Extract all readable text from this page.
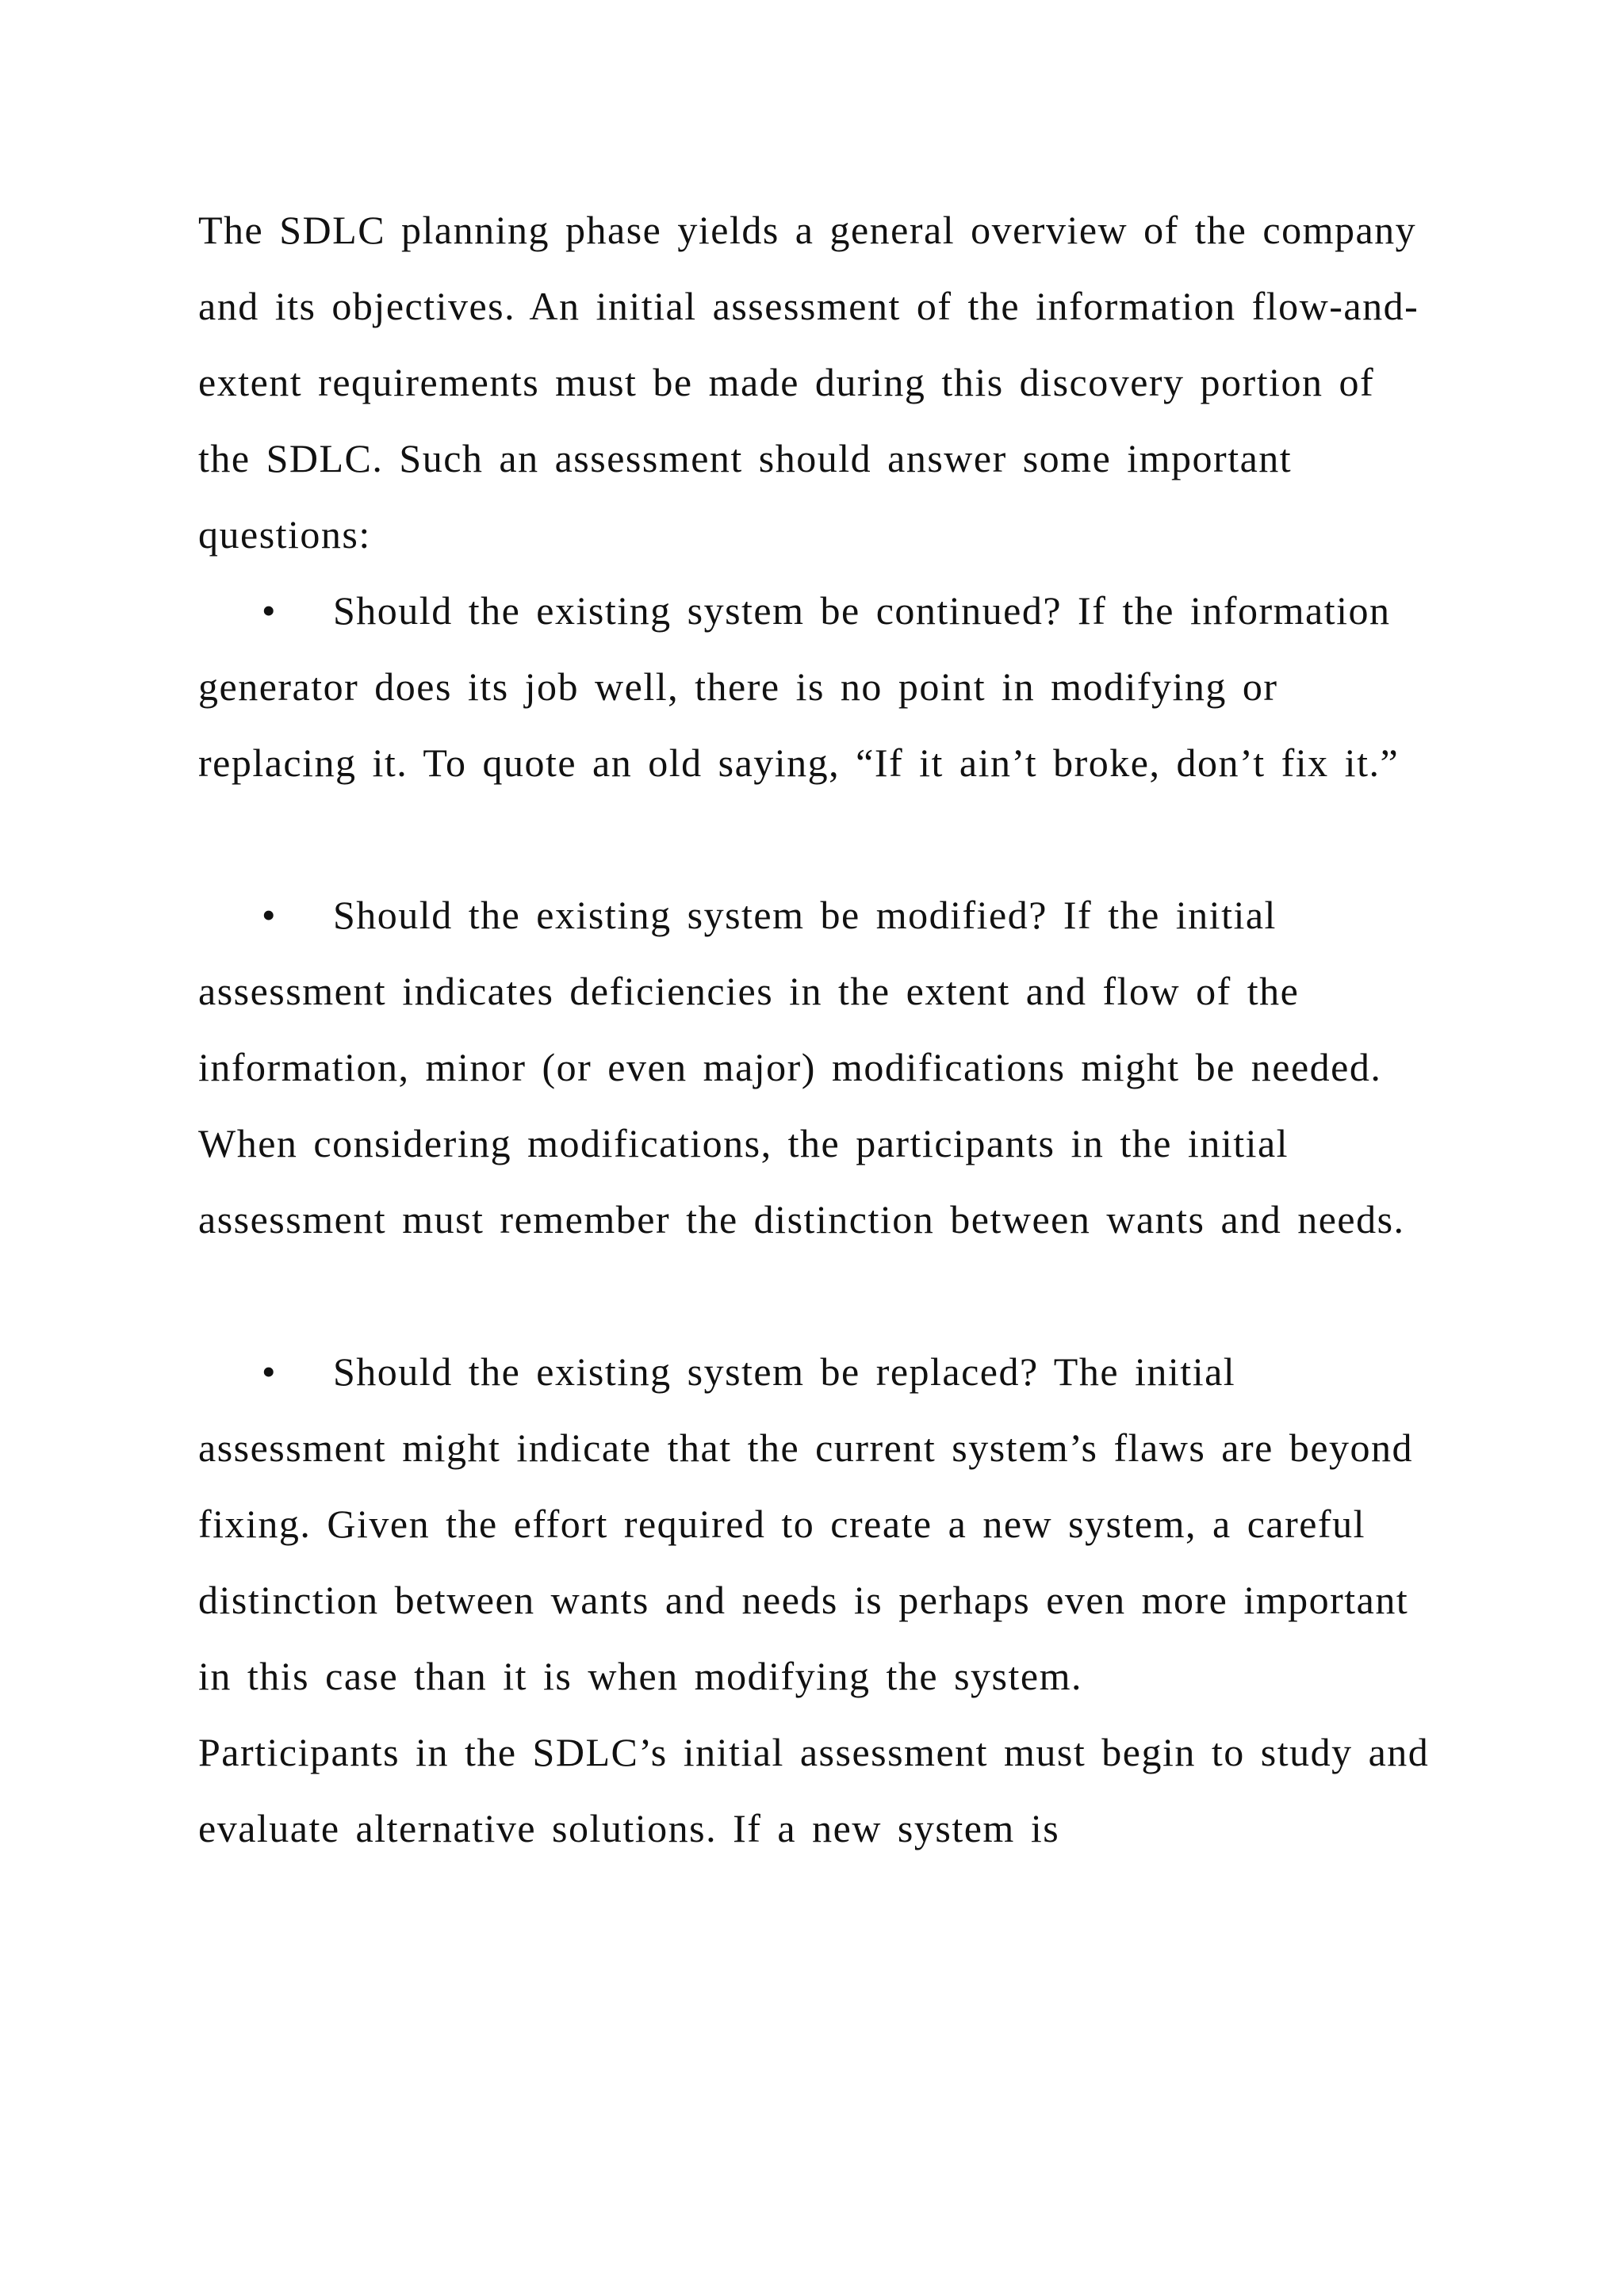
The SDLC planning phase yields a general overview of the company and its objectives. An initial assessment of the information flow-and-extent requirements must be made during this discovery portion of the SDLC. Such an assessment should answer some important questions:

• Should the existing system be continued? If the information generator does its job well, there is no point in modifying or replacing it. To quote an old saying, “If it ain’t broke, don’t fix it.”

• Should the existing system be modified? If the initial assessment indicates deficiencies in the extent and flow of the information, minor (or even major) modifications might be needed. When considering modifications, the participants in the initial assessment must remember the distinction between wants and needs.

• Should the existing system be replaced? The initial assessment might indicate that the current system’s flaws are beyond fixing. Given the effort required to create a new system, a careful distinction between wants and needs is perhaps even more important in this case than it is when modifying the system.

Participants in the SDLC’s initial assessment must begin to study and evaluate alternative solutions. If a new system is
